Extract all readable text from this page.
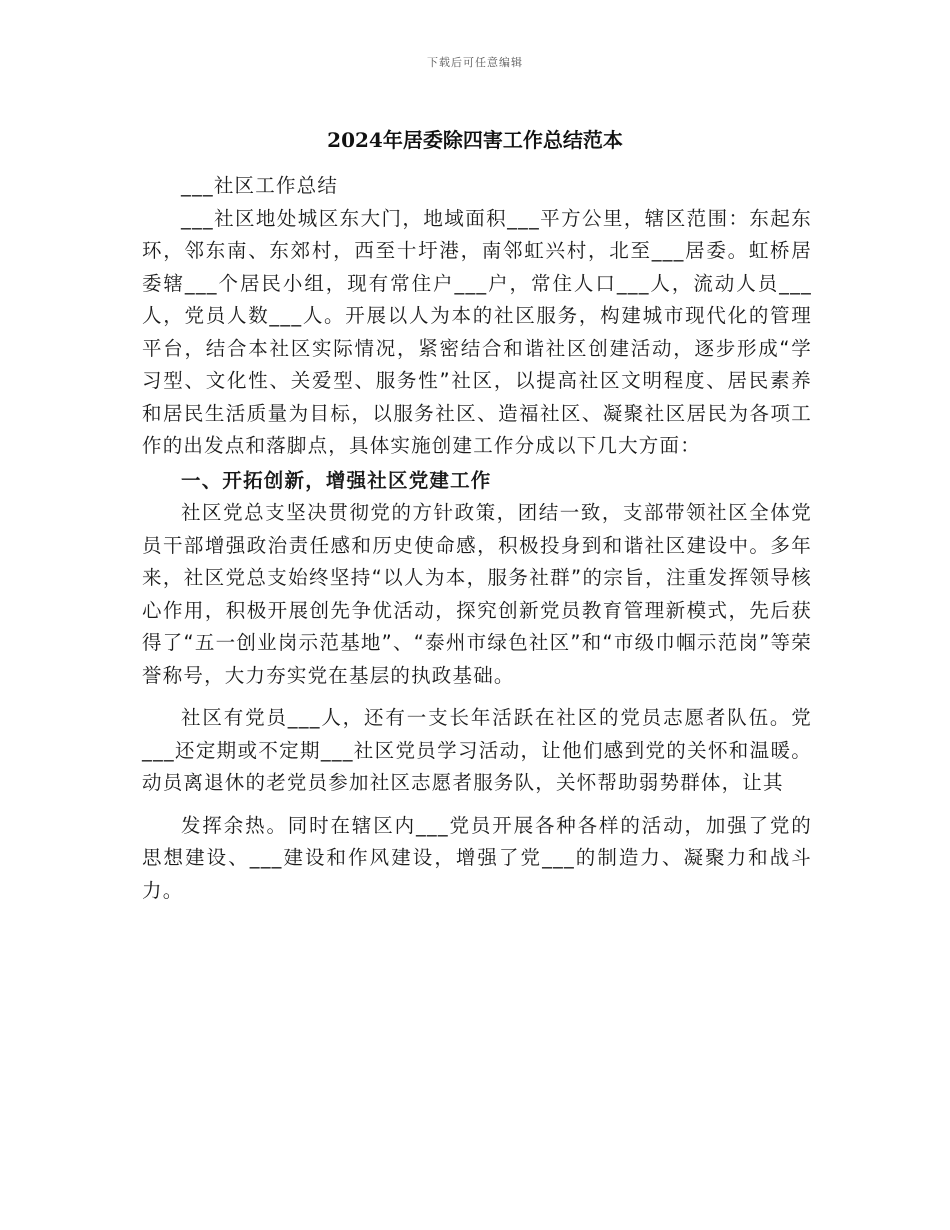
下载后可任意编辑
2024年居委除四害工作总结范本

___社区工作总结

___社区地处城区东大门，地域面积___平方公里，辖区范围：东起东环，邻东南、东郊村，西至十圩港，南邻虹兴村，北至___居委。虹桥居委辖___个居民小组，现有常住户___户，常住人口___人，流动人员___人，党员人数___人。开展以人为本的社区服务，构建城市现代化的管理平台，结合本社区实际情况，紧密结合和谐社区创建活动，逐步形成“学习型、文化性、关爱型、服务性”社区，以提高社区文明程度、居民素养和居民生活质量为目标，以服务社区、造福社区、凝聚社区居民为各项工作的出发点和落脚点，具体实施创建工作分成以下几大方面：

一、开拓创新，增强社区党建工作

社区党总支坚决贯彻党的方针政策，团结一致，支部带领社区全体党员干部增强政治责任感和历史使命感，积极投身到和谐社区建设中。多年来，社区党总支始终坚持“以人为本，服务社群”的宗旨，注重发挥领导核心作用，积极开展创先争优活动，探究创新党员教育管理新模式，先后获得了“五一创业岗示范基地”、“泰州市绿色社区”和“市级巾帼示范岗”等荣誉称号，大力夯实党在基层的执政基础。

社区有党员___人，还有一支长年活跃在社区的党员志愿者队伍。党___还定期或不定期___社区党员学习活动，让他们感到党的关怀和温暖。动员离退休的老党员参加社区志愿者服务队，关怀帮助弱势群体，让其

发挥余热。同时在辖区内___党员开展各种各样的活动，加强了党的思想建设、___建设和作风建设，增强了党___的制造力、凝聚力和战斗力。
